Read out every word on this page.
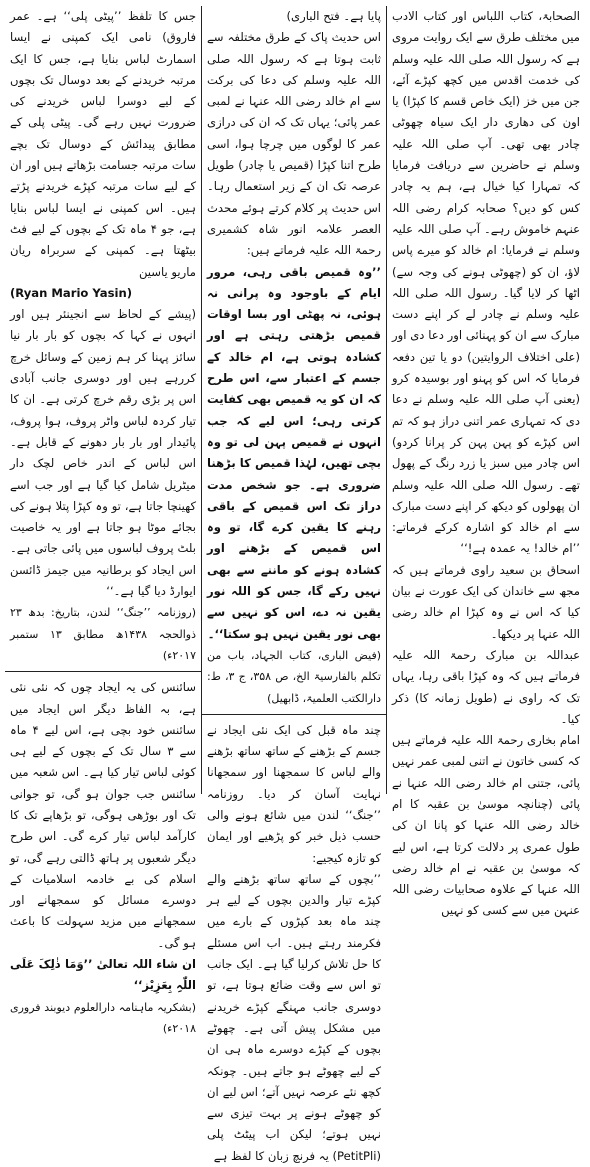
الصحابۃ، کتاب اللباس اور کتاب الادب میں مختلف طرق سے ایک روایت مروی ہے کہ رسول اللہ صلی اللہ علیہ وسلم کی خدمت اقدس میں کچھ کپڑے آئے، جن میں خز (ایک خاص قسم کا کپڑا) یا اون کی دھاری دار ایک سیاہ چھوٹی چادر بھی تھی۔ آپ صلی اللہ علیہ وسلم نے حاضرین سے دریافت فرمایا کہ تمہارا کیا خیال ہے، ہم یہ چادر کس کو دیں؟ صحابہ کرام رضی اللہ عنہم خاموش رہے۔ آپ صلی اللہ علیہ وسلم نے فرمایا: ام خالد کو میرے پاس لاؤ، ان کو (چھوٹی ہونے کی وجہ سے) اٹھا کر لایا گیا۔ رسول اللہ صلی اللہ علیہ وسلم نے چادر لے کر اپنے دست مبارک سے ان کو پہنائی اور دعا دی اور (علی اختلاف الروایتین) دو یا تین دفعہ فرمایا کہ اس کو پہنو اور بوسیدہ کرو (یعنی آپ صلی اللہ علیہ وسلم نے دعا دی کہ تمہاری عمر اتنی دراز ہو کہ تم اس کپڑے کو پہن پہن کر پرانا کردو) اس چادر میں سبز یا زرد رنگ کے پھول تھے۔ رسول اللہ صلی اللہ علیہ وسلم ان پھولوں کو دیکھ کر اپنے دست مبارک سے ام خالد کو اشارہ کرکے فرماتے: ’’ام خالد! یہ عمدہ ہے!‘‘

اسحاق بن سعید راوی فرماتے ہیں کہ مجھ سے خاندان کی ایک عورت نے بیان کیا کہ اس نے وہ کپڑا ام خالد رضی اللہ عنہا پر دیکھا۔

عبداللہ بن مبارک رحمۃ اللہ علیہ فرماتے ہیں کہ وہ کپڑا باقی رہا، یہاں تک کہ راوی نے (طویل زمانہ کا) ذکر کیا۔

امام بخاری رحمۃ اللہ علیہ فرماتے ہیں کہ کسی خاتون نے اتنی لمبی عمر نہیں پائی، جتنی ام خالد رضی اللہ عنہا نے پائی (چنانچہ موسیٰ بن عقبہ کا ام خالد رضی اللہ عنہا کو پانا ان کی طول عمری پر دلالت کرتا ہے، اس لیے کہ موسیٰ بن عقبہ نے ام خالد رضی اللہ عنہا کے علاوہ صحابیات رضی اللہ عنہن میں سے کسی کو نہیں

پایا ہے۔ فتح الباری)

اس حدیث پاک کے طرق مختلفہ سے ثابت ہوتا ہے کہ رسول اللہ صلی اللہ علیہ وسلم کی دعا کی برکت سے ام خالد رضی اللہ عنہا نے لمبی عمر پائی؛ یہاں تک کہ ان کی درازی عمر کا لوگوں میں چرچا ہوا، اسی طرح اتنا کپڑا (قمیص یا چادر) طویل عرصہ تک ان کے زیر استعمال رہا۔ اس حدیث پر کلام کرتے ہوئے محدث العصر علامہ انور شاہ کشمیری رحمۃ اللہ علیہ فرماتے ہیں:

’’وہ قمیص باقی رہی، مرور ایام کے باوجود وہ پرانی نہ ہوئی، نہ پھٹی اور بسا اوقات قمیص بڑھتی رہتی ہے اور کشادہ ہوتی ہے، ام خالد کے جسم کے اعتبار سے، اس طرح کہ ان کو یہ قمیص بھی کفایت کرتی رہی؛ اس لیے کہ جب انہوں نے قمیص پہن لی تو وہ بچی تھیں، لہٰذا قمیص کا بڑھنا ضروری ہے۔ جو شخص مدت دراز تک اس قمیص کے باقی رہنے کا یقین کرے گا، تو وہ اس قمیص کے بڑھنے اور کشادہ ہونے کو ماننے سے بھی نہیں رکے گا، جس کو اللہ نور یقین نہ دے، اس کو نہیں سے بھی نور یقین نہیں ہو سکتا‘‘۔

(فیض الباری، کتاب الجہاد، باب من تکلم بالفارسیۃ الخ، ص ۳۵۸، ج ۳، ط: دارالکتب العلمیۃ، ڈابھیل)

چند ماہ قبل کی ایک نئی ایجاد نے جسم کے بڑھنے کے ساتھ ساتھ بڑھنے والے لباس کا سمجھنا اور سمجھانا نہایت آسان کر دیا۔ روزنامہ ’’جنگ‘‘ لندن میں شائع ہونے والی حسب ذیل خبر کو پڑھیے اور ایمان کو تازہ کیجیے:

’’بچوں کے ساتھ ساتھ بڑھنے والے کپڑے تیار والدین بچوں کے لیے ہر چند ماہ بعد کپڑوں کے بارے میں فکرمند رہتے ہیں۔ اب اس مسئلے کا حل تلاش کرلیا گیا ہے۔ ایک جانب تو اس سے وقت ضائع ہوتا ہے، تو دوسری جانب مہنگے کپڑے خریدنے میں مشکل پیش آتی ہے۔ چھوٹے بچوں کے کپڑے دوسرے ماہ ہی ان کے لیے چھوٹے ہو جاتے ہیں۔ چونکہ کچھ نئے عرصہ نہیں آتے؛ اس لیے ان کو چھوٹے ہونے پر بہت تیزی سے نہیں ہوتے؛ لیکن اب پیٹٹ پلی (PetitPli) یہ فرنچ زبان کا لفظ ہے

جس کا تلفظ ’’پیٹی پلی‘‘ ہے۔ عمر فاروق) نامی ایک کمپنی نے ایسا اسمارٹ لباس بنایا ہے، جس کا ایک مرتبہ خریدنے کے بعد دوسال تک بچوں کے لیے دوسرا لباس خریدنے کی ضرورت نہیں رہے گی۔ پیٹی پلی کے مطابق پیدائش کے دوسال تک بچے سات مرتبہ جسامت بڑھاتے ہیں اور ان کے لیے سات مرتبہ کپڑے خریدنے پڑتے ہیں۔ اس کمپنی نے ایسا لباس بنایا ہے، جو ۴ ماہ تک کے بچوں کے لیے فٹ بیٹھتا ہے۔ کمپنی کے سربراہ ریان ماریو یاسین

(Ryan Mario Yasin)

(پیشے کے لحاظ سے انجینئر ہیں اور انہوں نے کہا کہ بچوں کو بار بار نیا سائز پہنا کر ہم زمین کے وسائل خرچ کررہے ہیں اور دوسری جانب آبادی اس پر بڑی رقم خرچ کرتی ہے۔ ان کا تیار کردہ لباس واٹر پروف، ہوا پروف، پائیدار اور بار بار دھونے کے قابل ہے۔ اس لباس کے اندر خاص لچک دار میٹریل شامل کیا گیا ہے اور جب اسے کھینچا جاتا ہے، تو وہ کپڑا پتلا ہونے کی بجائے موٹا ہو جاتا ہے اور یہ خاصیت بلٹ پروف لباسوں میں پائی جاتی ہے۔ اس ایجاد کو برطانیہ میں جیمز ڈائسن ایوارڈ دیا گیا ہے۔‘‘

(روزنامہ ’’جنگ‘‘ لندن، بتاریخ: بدھ ۲۳ ذوالحجہ ۱۴۳۸ھ مطابق ۱۳ ستمبر ۲۰۱۷ء)

سائنس کی یہ ایجاد چوں کہ نئی نئی ہے، بہ الفاظ دیگر اس ایجاد میں سائنس خود بچی ہے، اس لیے ۴ ماہ سے ۳ سال تک کے بچوں کے لیے ہی کوئی لباس تیار کیا ہے۔ اس شعبہ میں سائنس جب جوان ہو گی، تو جوانی تک اور بوڑھی ہوگی، تو بڑھاپے تک کا کارآمد لباس تیار کرے گی۔ اس طرح دیگر شعبوں پر ہاتھ ڈالتی رہے گی، تو اسلام کی بے خادمہ اسلامیات کے دوسرے مسائل کو سمجھانے اور سمجھانے میں مزید سہولت کا باعث ہو گی۔

ان شاء اللہ تعالیٰ ’’وَمَا ذٰلِکَ عَلَی اللّٰہِ بِعَزِیْز‘‘

(بشکریہ ماہنامہ دارالعلوم دیوبند فروری ۲۰۱۸ء)
